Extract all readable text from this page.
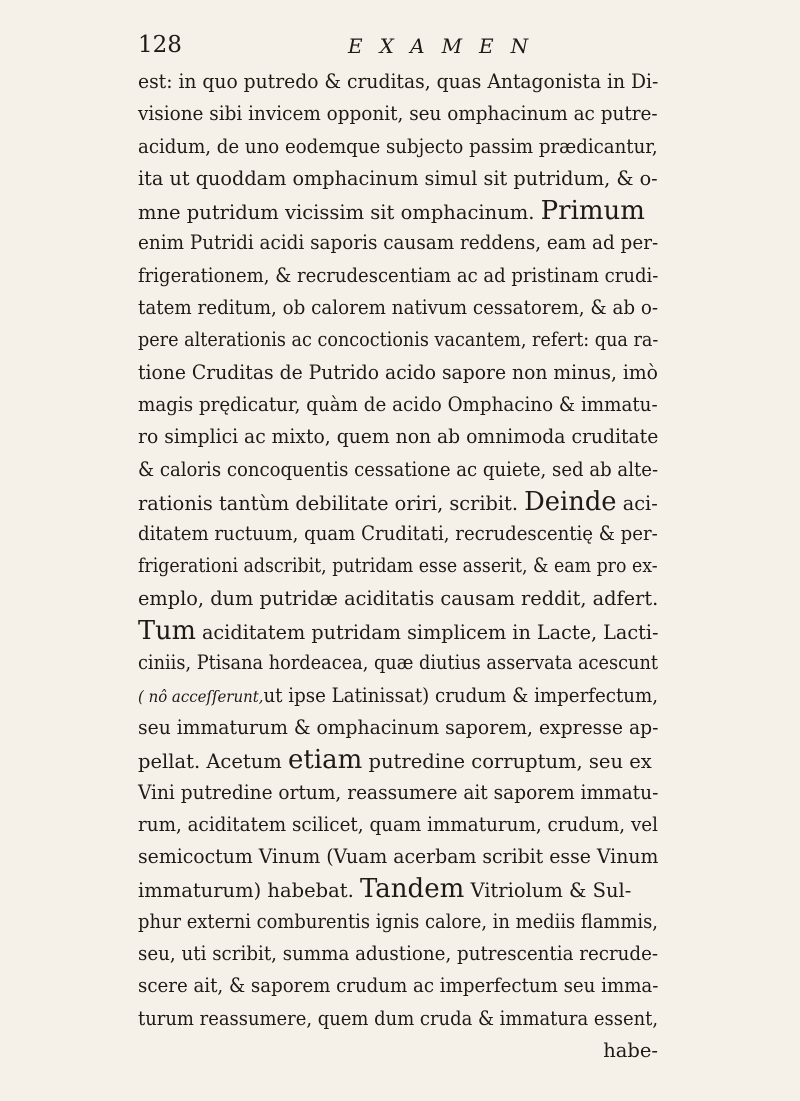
128	EXAMEN
est: in quo putredo & cruditas, quas Antagonista in Di-
visione sibi invicem opponit, seu omphacinum ac putre-
acidum, de uno eodemque subjecto passim prædicantur,
ita ut quoddam omphacinum simul sit putridum, & o-
mne putridum vicissim sit omphacinum. Primum
enim Putridi acidi saporis causam reddens, eam ad per-
frigerationem, & recrudescentiam ac ad pristinam crudi-
tatem reditum, ob calorem nativum cessatorem, & ab o-
pere alterationis ac concoctionis vacantem, refert: qua ra-
tione Cruditas de Putrido acido sapore non minus, imò
magis prędicatur, quàm de acido Omphacino & immatu-
ro simplici ac mixto, quem non ab omnimoda cruditate
& caloris concoquentis cessatione ac quiete, sed ab alte-
rationis tantùm debilitate oriri, scribit. Deinde aci-
ditatem ructuum, quam Cruditati, recrudescentię & per-
frigerationi adscribit, putridam esse asserit, & eam pro ex-
emplo, dum putridæ aciditatis causam reddit, adfert.
Tum aciditatem putridam simplicem in Lacte, Lacti-
ciniis, Ptisana hordeacea, quæ diutius asservata acescunt
( nô acceſſerunt,ut ipse Latinissat) crudum & imperfectum,
seu immaturum & omphacinum saporem, expresse ap-
pellat. Acetum etiam putredine corruptum, seu ex
Vini putredine ortum, reassumere ait saporem immatu-
rum, aciditatem scilicet, quam immaturum, crudum, vel
semicoctum Vinum (Vuam acerbam scribit esse Vinum
immaturum) habebat. Tandem Vitriolum & Sul-
phur externi comburentis ignis calore, in mediis flammis,
seu, uti scribit, summa adustione, putrescentia recrude-
scere ait, & saporem crudum ac imperfectum seu imma-
turum reassumere, quem dum cruda & immatura essent,
habe-
